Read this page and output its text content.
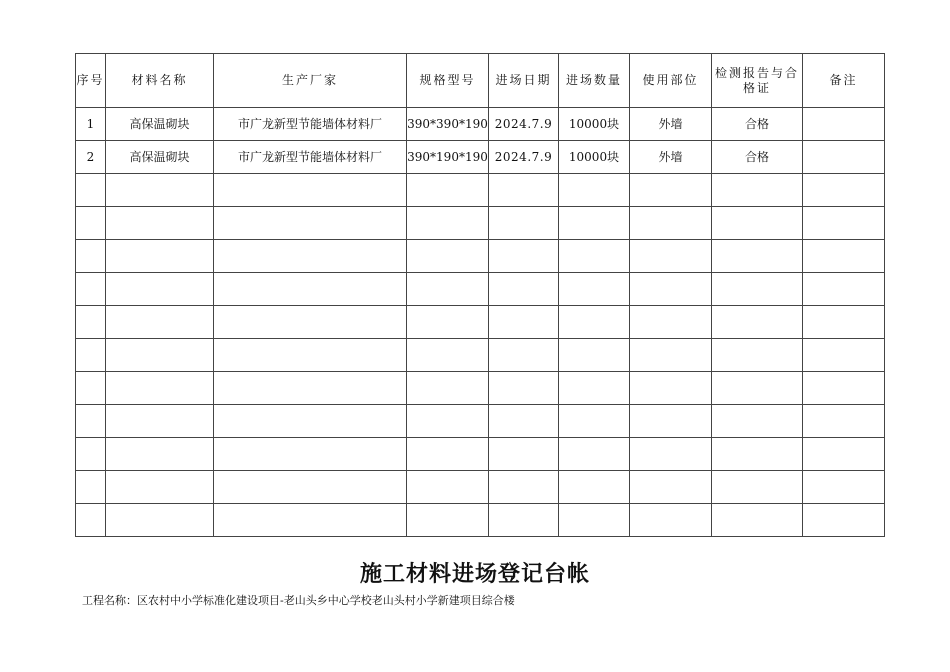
序号	材料名称	生产厂家	规格型号	进场日期	进场数量	使用部位	检测报告与合格证	备注
1	高保温砌块	市广龙新型节能墙体材料厂	390*390*190	2024.7.9	10000块	外墙	合格	
2	高保温砌块	市广龙新型节能墙体材料厂	390*190*190	2024.7.9	10000块	外墙	合格	

施工材料进场登记台帐
工程名称：区农村中小学标准化建设项目-老山头乡中心学校老山头村小学新建项目综合楼
